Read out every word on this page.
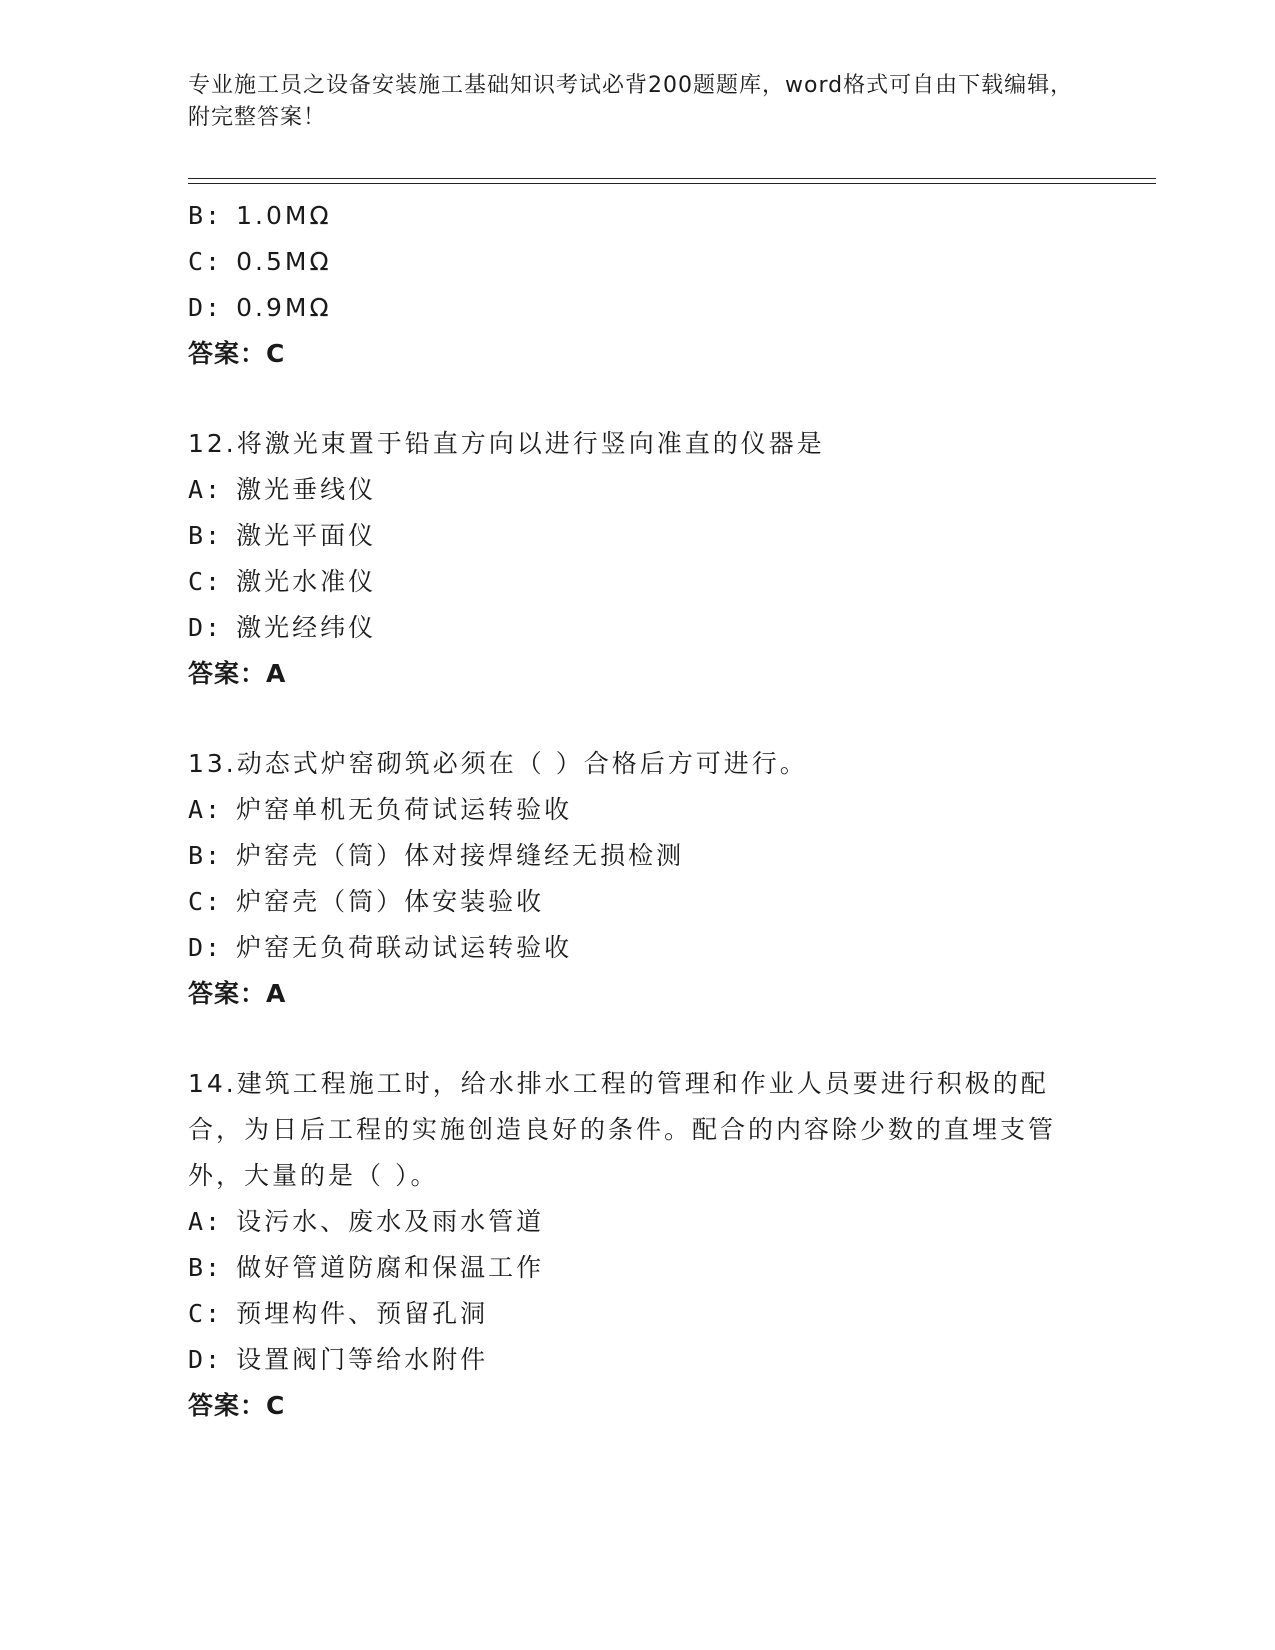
专业施工员之设备安装施工基础知识考试必背200题题库，word格式可自由下载编辑，附完整答案！
B: 1.0MΩ
C: 0.5MΩ
D: 0.9MΩ
答案：C
12.将激光束置于铅直方向以进行竖向准直的仪器是
A: 激光垂线仪
B: 激光平面仪
C: 激光水准仪
D: 激光经纬仪
答案：A
13.动态式炉窑砌筑必须在（ ）合格后方可进行。
A: 炉窑单机无负荷试运转验收
B: 炉窑壳（筒）体对接焊缝经无损检测
C: 炉窑壳（筒）体安装验收
D: 炉窑无负荷联动试运转验收
答案：A
14.建筑工程施工时，给水排水工程的管理和作业人员要进行积极的配合，为日后工程的实施创造良好的条件。配合的内容除少数的直埋支管外，大量的是（ ）。
A: 设污水、废水及雨水管道
B: 做好管道防腐和保温工作
C: 预埋构件、预留孔洞
D: 设置阀门等给水附件
答案：C
